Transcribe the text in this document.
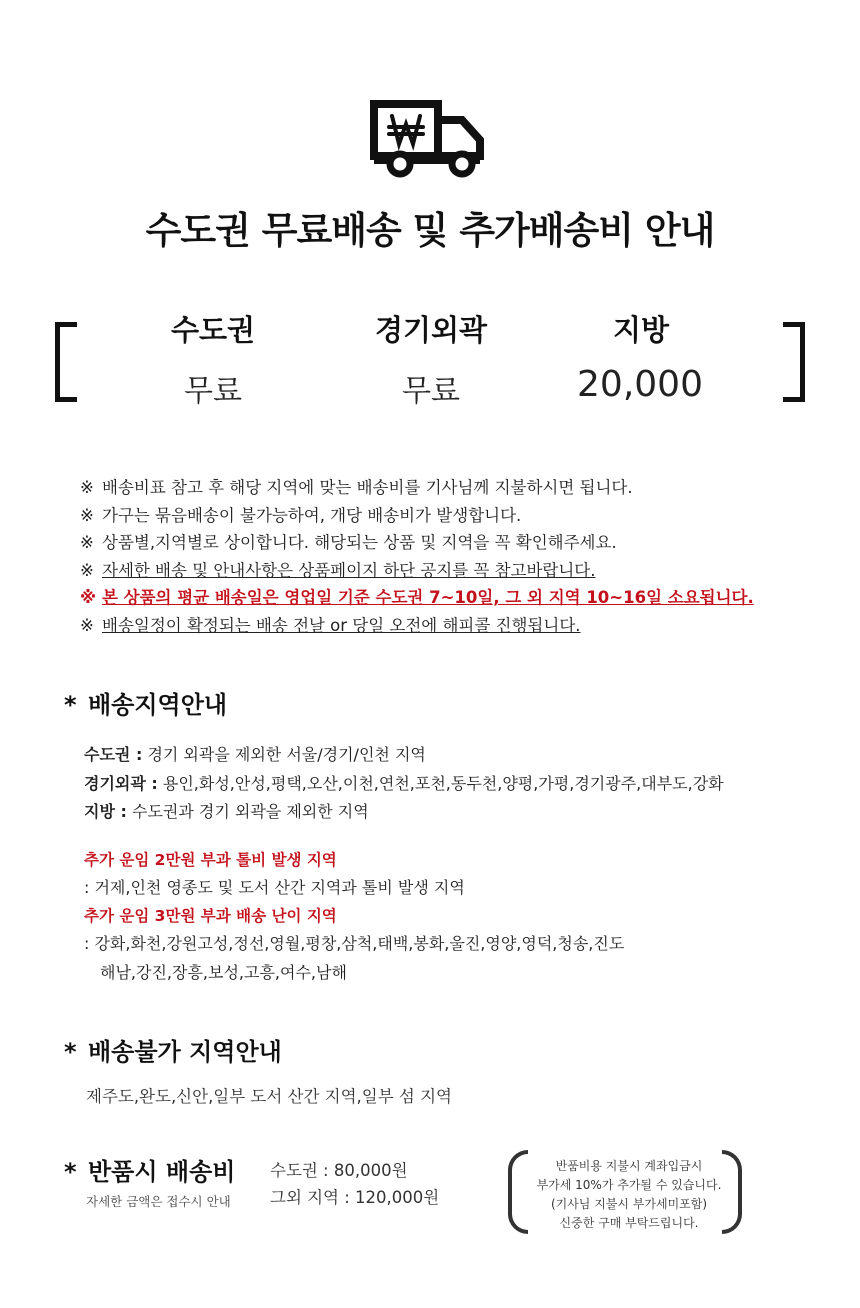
수도권 무료배송 및 추가배송비 안내
수도권	경기외곽	지방
무료	무료	20,000
※ 배송비표 참고 후 해당 지역에 맞는 배송비를 기사님께 지불하시면 됩니다.
※ 가구는 묶음배송이 불가능하여, 개당 배송비가 발생합니다.
※ 상품별,지역별로 상이합니다. 해당되는 상품 및 지역을 꼭 확인해주세요.
※ 자세한 배송 및 안내사항은 상품페이지 하단 공지를 꼭 참고바랍니다.
※ 본 상품의 평균 배송일은 영업일 기준 수도권 7~10일, 그 외 지역 10~16일 소요됩니다.
※ 배송일정이 확정되는 배송 전날 or 당일 오전에 해피콜 진행됩니다.
* 배송지역안내
수도권 : 경기 외곽을 제외한 서울/경기/인천 지역
경기외곽 : 용인,화성,안성,평택,오산,이천,연천,포천,동두천,양평,가평,경기광주,대부도,강화
지방 : 수도권과 경기 외곽을 제외한 지역
추가 운임 2만원 부과 톨비 발생 지역
: 거제,인천 영종도 및 도서 산간 지역과 톨비 발생 지역
추가 운임 3만원 부과 배송 난이 지역
: 강화,화천,강원고성,정선,영월,평창,삼척,태백,봉화,울진,영양,영덕,청송,진도
해남,강진,장흥,보성,고흥,여수,남해
* 배송불가 지역안내
제주도,완도,신안,일부 도서 산간 지역,일부 섬 지역
* 반품시 배송비
자세한 금액은 접수시 안내
수도권 : 80,000원
그외 지역 : 120,000원
반품비용 지불시 계좌입금시
부가세 10%가 추가될 수 있습니다.
(기사님 지불시 부가세미포함)
신중한 구매 부탁드립니다.
